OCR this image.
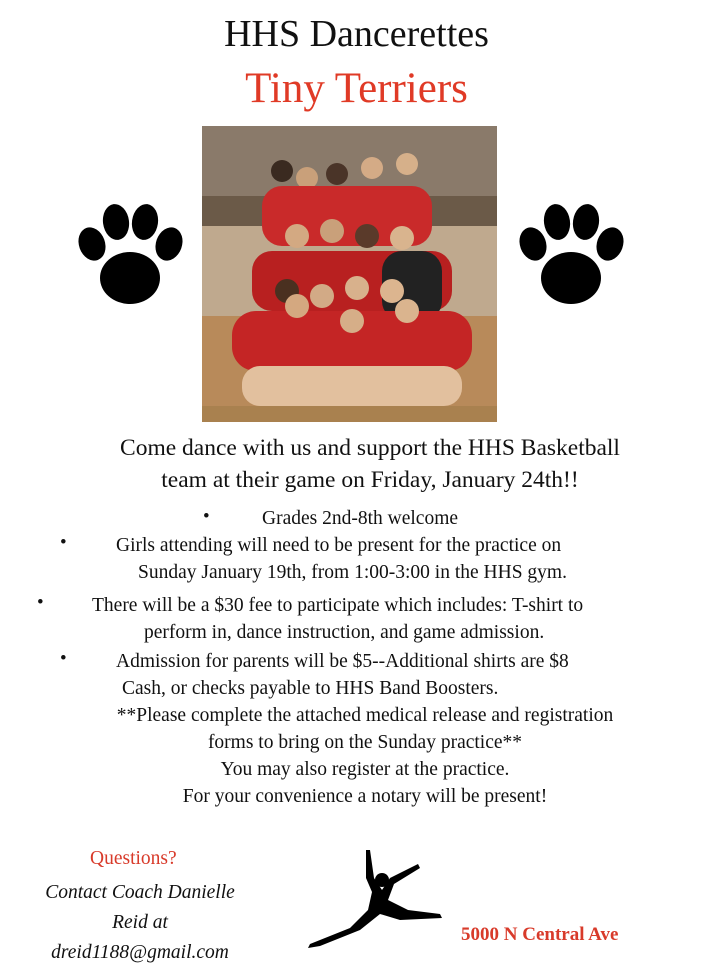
HHS Dancerettes
Tiny Terriers
Come dance with us and support the HHS Basketball
team at their game on Friday, January 24th!!
•	Grades 2nd-8th welcome
•	Girls attending will need to be present for the practice on
Sunday January 19th, from 1:00-3:00 in the HHS gym.
• There will be a $30 fee to participate which includes: T-shirt to
perform in, dance instruction, and game admission.
•	Admission for parents will be $5--Additional shirts are $8
Cash, or checks payable to HHS Band Boosters.
**Please complete the attached medical release and registration
forms to bring on the Sunday practice**
You may also register at the practice.
For your convenience a notary will be present!
Questions?
Contact Coach Danielle
Reid at
dreid1188@gmail.com
5000 N Central Ave
